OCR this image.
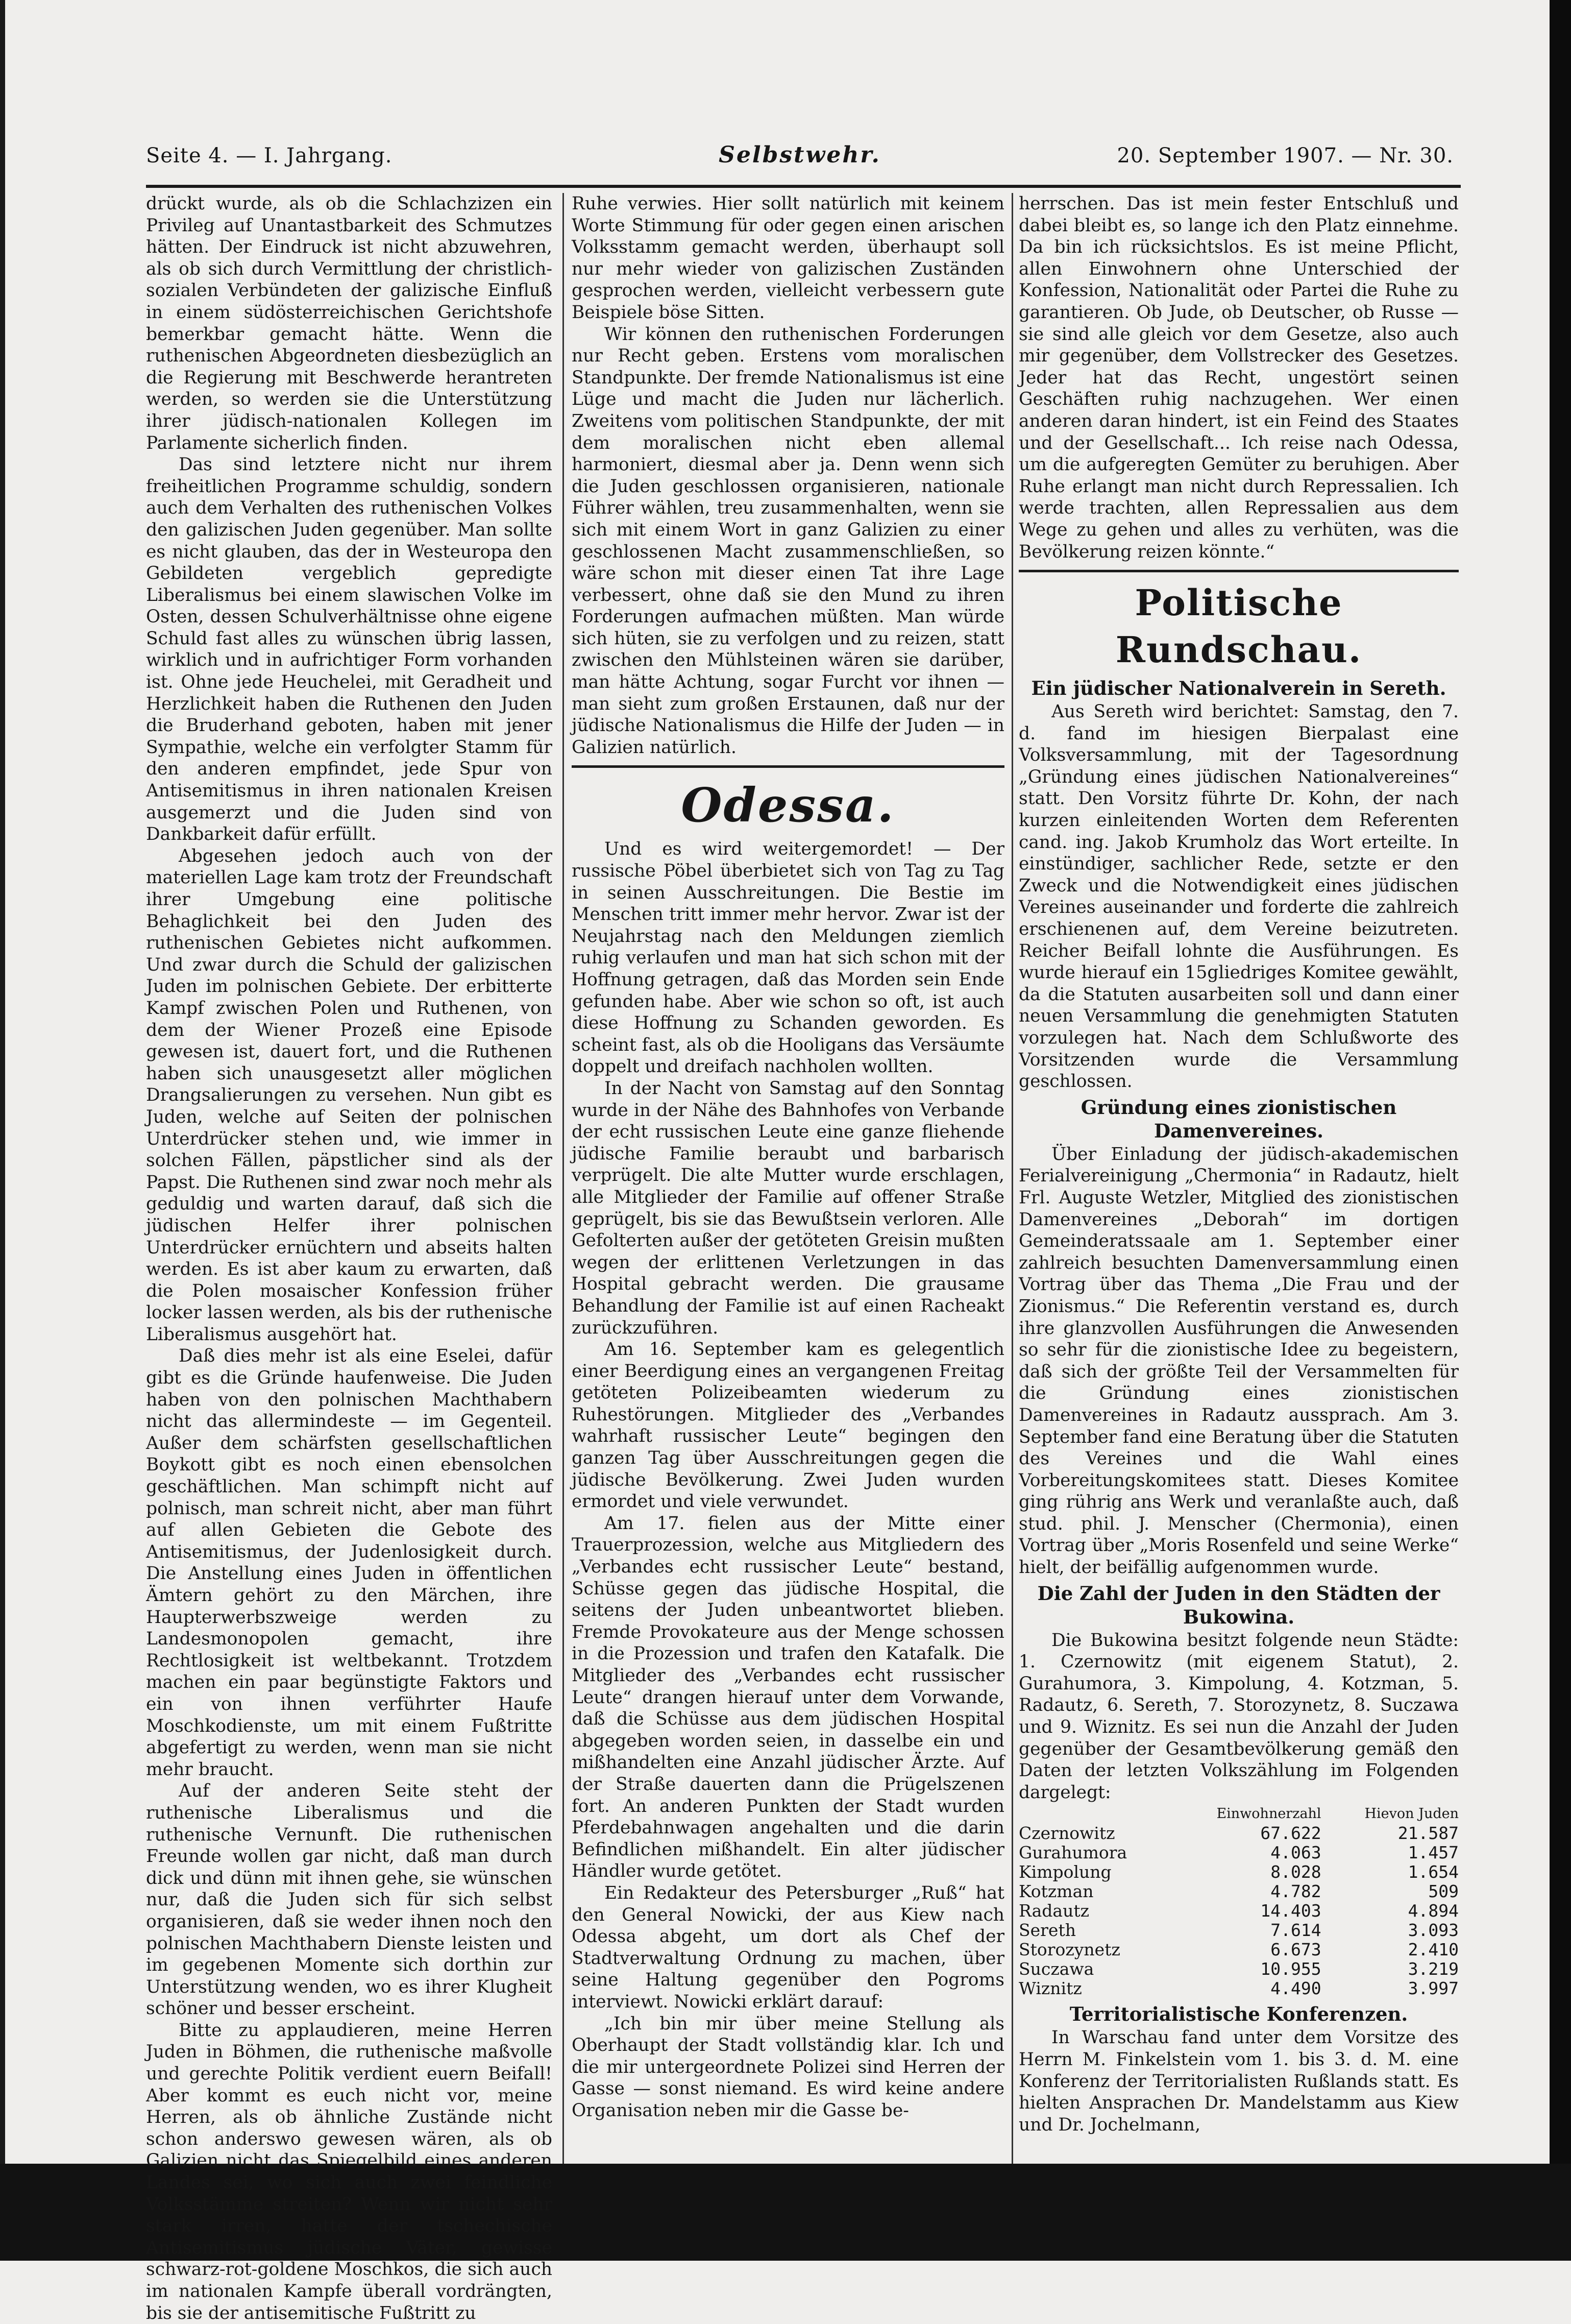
Seite 4. — I. Jahrgang.	Selbstwehr.	20. September 1907. — Nr. 30.

drückt wurde, als ob die Schlachzizen ein Privileg auf Unantastbarkeit des Schmutzes hätten. Der Eindruck ist nicht abzuwehren, als ob sich durch Vermittlung der christlich-sozialen Verbündeten der galizische Einfluß in einem südösterreichischen Gerichtshofe bemerkbar gemacht hätte. Wenn die ruthenischen Abgeordneten diesbezüglich an die Regierung mit Beschwerde herantreten werden, so werden sie die Unterstützung ihrer jüdisch-nationalen Kollegen im Parlamente sicherlich finden.

Das sind letztere nicht nur ihrem freiheitlichen Programme schuldig, sondern auch dem Verhalten des ruthenischen Volkes den galizischen Juden gegenüber. Man sollte es nicht glauben, das der in Westeuropa den Gebildeten vergeblich gepredigte Liberalismus bei einem slawischen Volke im Osten, dessen Schulverhältnisse ohne eigene Schuld fast alles zu wünschen übrig lassen, wirklich und in aufrichtiger Form vorhanden ist. Ohne jede Heuchelei, mit Geradheit und Herzlichkeit haben die Ruthenen den Juden die Bruderhand geboten, haben mit jener Sympathie, welche ein verfolgter Stamm für den anderen empfindet, jede Spur von Antisemitismus in ihren nationalen Kreisen ausgemerzt und die Juden sind von Dankbarkeit dafür erfüllt.

Abgesehen jedoch auch von der materiellen Lage kam trotz der Freundschaft ihrer Umgebung eine politische Behaglichkeit bei den Juden des ruthenischen Gebietes nicht aufkommen. Und zwar durch die Schuld der galizischen Juden im polnischen Gebiete. Der erbitterte Kampf zwischen Polen und Ruthenen, von dem der Wiener Prozeß eine Episode gewesen ist, dauert fort, und die Ruthenen haben sich unausgesetzt aller möglichen Drangsalierungen zu versehen. Nun gibt es Juden, welche auf Seiten der polnischen Unterdrücker stehen und, wie immer in solchen Fällen, päpstlicher sind als der Papst. Die Ruthenen sind zwar noch mehr als geduldig und warten darauf, daß sich die jüdischen Helfer ihrer polnischen Unterdrücker ernüchtern und abseits halten werden. Es ist aber kaum zu erwarten, daß die Polen mosaischer Konfession früher locker lassen werden, als bis der ruthenische Liberalismus ausgehört hat.

Daß dies mehr ist als eine Eselei, dafür gibt es die Gründe haufenweise. Die Juden haben von den polnischen Machthabern nicht das allermindeste — im Gegenteil. Außer dem schärfsten gesellschaftlichen Boykott gibt es noch einen ebensolchen geschäftlichen. Man schimpft nicht auf polnisch, man schreit nicht, aber man führt auf allen Gebieten die Gebote des Antisemitismus, der Judenlosigkeit durch. Die Anstellung eines Juden in öffentlichen Ämtern gehört zu den Märchen, ihre Haupterwerbszweige werden zu Landesmonopolen gemacht, ihre Rechtlosigkeit ist weltbekannt. Trotzdem machen ein paar begünstigte Faktors und ein von ihnen verführter Haufe Moschkodienste, um mit einem Fußtritte abgefertigt zu werden, wenn man sie nicht mehr braucht.

Auf der anderen Seite steht der ruthenische Liberalismus und die ruthenische Vernunft. Die ruthenischen Freunde wollen gar nicht, daß man durch dick und dünn mit ihnen gehe, sie wünschen nur, daß die Juden sich für sich selbst organisieren, daß sie weder ihnen noch den polnischen Machthabern Dienste leisten und im gegebenen Momente sich dorthin zur Unterstützung wenden, wo es ihrer Klugheit schöner und besser erscheint.

Bitte zu applaudieren, meine Herren Juden in Böhmen, die ruthenische maßvolle und gerechte Politik verdient euern Beifall! Aber kommt es euch nicht vor, meine Herren, als ob ähnliche Zustände nicht schon anderswo gewesen wären, als ob Galizien nicht das Spiegelbild eines anderen Landes sei, wo sich auch zwei feindliche Volksstämme streiten? Wenn wir nicht sehr stark irren, hatte der tschechische Antisemitismus jüdische Väter, gewisse schwarz-rot-goldene Moschkos, die sich auch im nationalen Kampfe überall vordrängten, bis sie der antisemitische Fußtritt zu

Ruhe verwies. Hier sollt natürlich mit keinem Worte Stimmung für oder gegen einen arischen Volksstamm gemacht werden, überhaupt soll nur mehr wieder von galizischen Zuständen gesprochen werden, vielleicht verbessern gute Beispiele böse Sitten.

Wir können den ruthenischen Forderungen nur Recht geben. Erstens vom moralischen Standpunkte. Der fremde Nationalismus ist eine Lüge und macht die Juden nur lächerlich. Zweitens vom politischen Standpunkte, der mit dem moralischen nicht eben allemal harmoniert, diesmal aber ja. Denn wenn sich die Juden geschlossen organisieren, nationale Führer wählen, treu zusammenhalten, wenn sie sich mit einem Wort in ganz Galizien zu einer geschlossenen Macht zusammenschließen, so wäre schon mit dieser einen Tat ihre Lage verbessert, ohne daß sie den Mund zu ihren Forderungen aufmachen müßten. Man würde sich hüten, sie zu verfolgen und zu reizen, statt zwischen den Mühlsteinen wären sie darüber, man hätte Achtung, sogar Furcht vor ihnen — man sieht zum großen Erstaunen, daß nur der jüdische Nationalismus die Hilfe der Juden — in Galizien natürlich.

Odessa.

Und es wird weitergemordet! — Der russische Pöbel überbietet sich von Tag zu Tag in seinen Ausschreitungen. Die Bestie im Menschen tritt immer mehr hervor. Zwar ist der Neujahrstag nach den Meldungen ziemlich ruhig verlaufen und man hat sich schon mit der Hoffnung getragen, daß das Morden sein Ende gefunden habe. Aber wie schon so oft, ist auch diese Hoffnung zu Schanden geworden. Es scheint fast, als ob die Hooligans das Versäumte doppelt und dreifach nachholen wollten.

In der Nacht von Samstag auf den Sonntag wurde in der Nähe des Bahnhofes von Verbande der echt russischen Leute eine ganze fliehende jüdische Familie beraubt und barbarisch verprügelt. Die alte Mutter wurde erschlagen, alle Mitglieder der Familie auf offener Straße geprügelt, bis sie das Bewußtsein verloren. Alle Gefolterten außer der getöteten Greisin mußten wegen der erlittenen Verletzungen in das Hospital gebracht werden. Die grausame Behandlung der Familie ist auf einen Racheakt zurückzuführen.

Am 16. September kam es gelegentlich einer Beerdigung eines an vergangenen Freitag getöteten Polizeibeamten wiederum zu Ruhestörungen. Mitglieder des „Verbandes wahrhaft russischer Leute“ begingen den ganzen Tag über Ausschreitungen gegen die jüdische Bevölkerung. Zwei Juden wurden ermordet und viele verwundet.

Am 17. fielen aus der Mitte einer Trauerprozession, welche aus Mitgliedern des „Verbandes echt russischer Leute“ bestand, Schüsse gegen das jüdische Hospital, die seitens der Juden unbeantwortet blieben. Fremde Provokateure aus der Menge schossen in die Prozession und trafen den Katafalk. Die Mitglieder des „Verbandes echt russischer Leute“ drangen hierauf unter dem Vorwande, daß die Schüsse aus dem jüdischen Hospital abgegeben worden seien, in dasselbe ein und mißhandelten eine Anzahl jüdischer Ärzte. Auf der Straße dauerten dann die Prügelszenen fort. An anderen Punkten der Stadt wurden Pferdebahnwagen angehalten und die darin Befindlichen mißhandelt. Ein alter jüdischer Händler wurde getötet.

Ein Redakteur des Petersburger „Ruß“ hat den General Nowicki, der aus Kiew nach Odessa abgeht, um dort als Chef der Stadtverwaltung Ordnung zu machen, über seine Haltung gegenüber den Pogroms interviewt. Nowicki erklärt darauf:

„Ich bin mir über meine Stellung als Oberhaupt der Stadt vollständig klar. Ich und die mir untergeordnete Polizei sind Herren der Gasse — sonst niemand. Es wird keine andere Organisation neben mir die Gasse be-

herrschen. Das ist mein fester Entschluß und dabei bleibt es, so lange ich den Platz einnehme. Da bin ich rücksichtslos. Es ist meine Pflicht, allen Einwohnern ohne Unterschied der Konfession, Nationalität oder Partei die Ruhe zu garantieren. Ob Jude, ob Deutscher, ob Russe — sie sind alle gleich vor dem Gesetze, also auch mir gegenüber, dem Vollstrecker des Gesetzes. Jeder hat das Recht, ungestört seinen Geschäften ruhig nachzugehen. Wer einen anderen daran hindert, ist ein Feind des Staates und der Gesellschaft... Ich reise nach Odessa, um die aufgeregten Gemüter zu beruhigen. Aber Ruhe erlangt man nicht durch Repressalien. Ich werde trachten, allen Repressalien aus dem Wege zu gehen und alles zu verhüten, was die Bevölkerung reizen könnte.“

Politische Rundschau.
Ein jüdischer Nationalverein in Sereth.

Aus Sereth wird berichtet: Samstag, den 7. d. fand im hiesigen Bierpalast eine Volksversammlung, mit der Tagesordnung „Gründung eines jüdischen Nationalvereines“ statt. Den Vorsitz führte Dr. Kohn, der nach kurzen einleitenden Worten dem Referenten cand. ing. Jakob Krumholz das Wort erteilte. In einstündiger, sachlicher Rede, setzte er den Zweck und die Notwendigkeit eines jüdischen Vereines auseinander und forderte die zahlreich erschienenen auf, dem Vereine beizutreten. Reicher Beifall lohnte die Ausführungen. Es wurde hierauf ein 15gliedriges Komitee gewählt, da die Statuten ausarbeiten soll und dann einer neuen Versammlung die genehmigten Statuten vorzulegen hat. Nach dem Schlußworte des Vorsitzenden wurde die Versammlung geschlossen.

Gründung eines zionistischen Damenvereines.

Über Einladung der jüdisch-akademischen Ferialvereinigung „Chermonia“ in Radautz, hielt Frl. Auguste Wetzler, Mitglied des zionistischen Damenvereines „Deborah“ im dortigen Gemeinderatssaale am 1. September einer zahlreich besuchten Damenversammlung einen Vortrag über das Thema „Die Frau und der Zionismus.“ Die Referentin verstand es, durch ihre glanzvollen Ausführungen die Anwesenden so sehr für die zionistische Idee zu begeistern, daß sich der größte Teil der Versammelten für die Gründung eines zionistischen Damenvereines in Radautz aussprach. Am 3. September fand eine Beratung über die Statuten des Vereines und die Wahl eines Vorbereitungskomitees statt. Dieses Komitee ging rührig ans Werk und veranlaßte auch, daß stud. phil. J. Menscher (Chermonia), einen Vortrag über „Moris Rosenfeld und seine Werke“ hielt, der beifällig aufgenommen wurde.

Die Zahl der Juden in den Städten der Bukowina.

Die Bukowina besitzt folgende neun Städte: 1. Czernowitz (mit eigenem Statut), 2. Gurahumora, 3. Kimpolung, 4. Kotzman, 5. Radautz, 6. Sereth, 7. Storozynetz, 8. Suczawa und 9. Wiznitz. Es sei nun die Anzahl der Juden gegenüber der Gesamtbevölkerung gemäß den Daten der letzten Volkszählung im Folgenden dargelegt:

	Einwohnerzahl	Hievon Juden
Czernowitz	67.622	21.587
Gurahumora	4.063	1.457
Kimpolung	8.028	1.654
Kotzman	4.782	509
Radautz	14.403	4.894
Sereth	7.614	3.093
Storozynetz	6.673	2.410
Suczawa	10.955	3.219
Wiznitz	4.490	3.997
Territorialistische Konferenzen.

In Warschau fand unter dem Vorsitze des Herrn M. Finkelstein vom 1. bis 3. d. M. eine Konferenz der Territorialisten Rußlands statt. Es hielten Ansprachen Dr. Mandelstamm aus Kiew und Dr. Jochelmann,
